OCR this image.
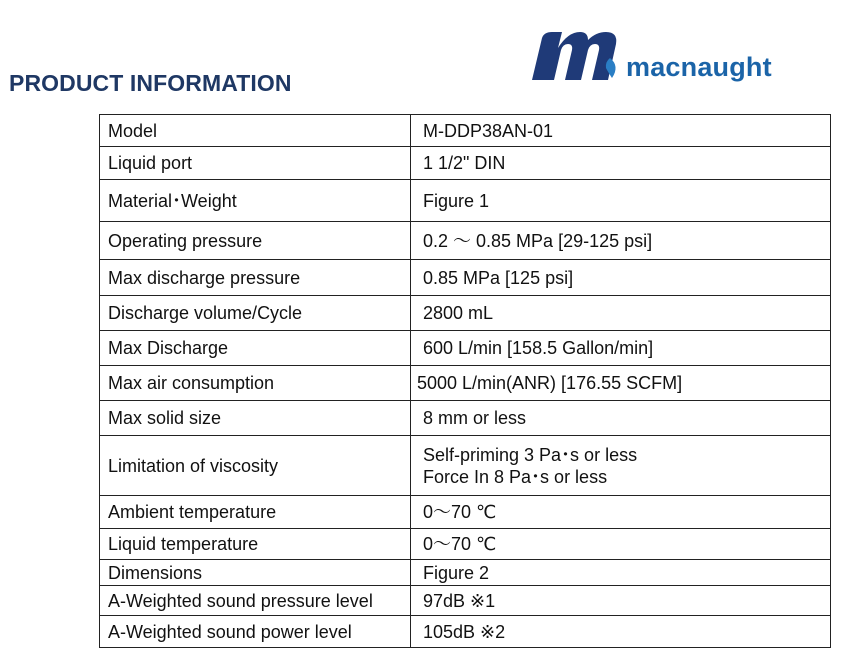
PRODUCT INFORMATION
macnaught
Model	M-DDP38AN-01

Liquid port	1 1/2" DIN

Material･Weight	Figure 1

Operating pressure	0.2 ～ 0.85 MPa [29-125 psi]

Max discharge pressure	0.85 MPa [125 psi]

Discharge volume/Cycle	2800 mL

Max Discharge	600 L/min [158.5 Gallon/min]

Max air consumption	5000 L/min(ANR) [176.55 SCFM]

Max solid size	8 mm or less

Limitation of viscosity	Self-priming 3 Pa･s or less
Force In 8 Pa･s or less

Ambient temperature	0～70 ℃

Liquid temperature	0～70 ℃

Dimensions	Figure 2

A-Weighted sound pressure level	97dB ※1

A-Weighted sound power level	105dB ※2
